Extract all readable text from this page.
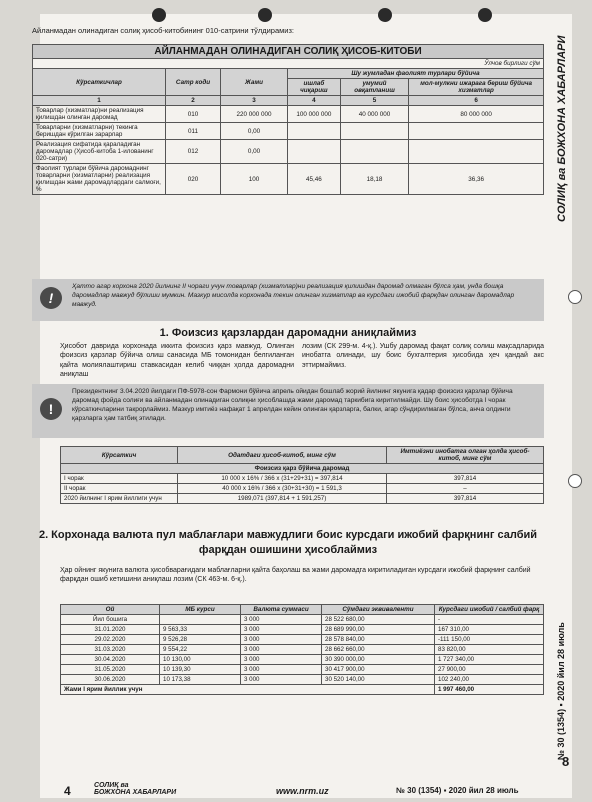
Айланмадан олинадиган солиқ ҳисоб-китобининг 010-сатрини тўлдирамиз:
АЙЛАНМАДАН ОЛИНАДИГАН СОЛИҚ ҲИСОБ-КИТОБИ					
Ўлчов бирлиги сўм					
Кўрсаткичлар	Сатр коди	Жами	Шу жумладан фаолият турлари бўйича		
			ишлаб чиқариш	умумий овқатланиш	мол-мулкни ижарага бериш бўйича хизматлар
1	2	3	4	5	6
Товарлар (хизматлар)ни реализация қилишдан олинган даромад	010	220 000 000	100 000 000	40 000 000	80 000 000
Товарларни (хизматларни) текинга беришдан кўрилган зарарлар	011	0,00			
Реализация сифатида қараладиган даромадлар (Ҳисоб-китоба 1-илованинг 020-сатри)	012	0,00			
Фаолият турлари бўйича даромаднинг товарларни (хизматларни) реализация қилишдан жами даромадлардаги салмоғи, %	020	100	45,46	18,18	36,36
!
Ҳатто агар корхона 2020 йилнинг II чораги учун товарлар (хизматлар)ни реализация қилишдан даромад олмаган бўлса ҳам, унда бошқа даромадлар мавжуд бўлиши мумкин. Мазкур мисолда корхонада текин олинган хизматлар ва курсдаги ижобий фарқдан олинган даромадлар мавжуд.
1. Фоизсиз қарзлардан даромадни аниқлаймиз
Ҳисобот даврида корхонада иккита фоизсиз қарз мавжуд. Олинган фоизсиз қарзлар бўйича олиш санасида МБ томонидан белгиланган қайта молиялаштириш ставкасидан келиб чиққан ҳолда даромадни аниқлаш
лозим (СК 299-м. 4-қ.). Ушбу даромад фақат солиқ солиш мақсадларида инобатга олинади, шу боис бухгалтерия ҳисобида ҳеч қандай акс эттирмаймиз.
!
Президентнинг 3.04.2020 йилдаги ПФ-5978-сон Фармони бўйича апрель ойидан бошлаб жорий йилнинг якунига қадар фоизсиз қарзлар бўйича даромад фойда солиғи ва айланмадан олинадиган солиқни ҳисоблашда жами даромад таркибига киритилмайди. Шу боис ҳисоботда I чорак кўрсаткичларини такрорлаймиз. Мазкур имтиёз нафақат 1 апрелдан кейин олинган қарзларга, балки, агар сўндирилмаган бўлса, анча олдинги қарзларга ҳам татбиқ этилади.
Кўрсаткич	Одатдаги ҳисоб-китоб, минг сўм	Имтиёзни инобатга олган ҳолда ҳисоб-китоб, минг сўм
Фоизсиз қарз бўйича даромад		
I чорак	10 000 x 16% / 366 x (31+29+31) = 397,814	397,814
II чорак	40 000 x 16% / 366 x (30+31+30) = 1 591,3	–
2020 йилнинг I ярим йиллиги учун	1989,071 (397,814 + 1 591,257)	397,814
2. Корхонада валюта пул маблағлари мавжудлиги боис курсдаги ижобий фарқнинг салбий фарқдан ошишини ҳисоблаймиз
Ҳар ойнинг якунига валюта ҳисобварағидаги маблағларни қайта баҳолаш ва жами даромадга киритиладиган курсдаги ижобий фарқнинг салбий фарқдан ошиб кетишини аниқлаш лозим (СК 463-м. 6-қ.).
Ой	МБ курси	Валюта суммаси	Сўмдаги эквиваленти	Курсдаги ижобий / салбий фарқ
Йил бошига		3 000	28 522 680,00	-
31.01.2020	9 563,33	3 000	28 689 990,00	167 310,00
29.02.2020	9 526,28	3 000	28 578 840,00	-111 150,00
31.03.2020	9 554,22	3 000	28 662 660,00	83 820,00
30.04.2020	10 130,00	3 000	30 390 000,00	1 727 340,00
31.05.2020	10 139,30	3 000	30 417 900,00	27 900,00
30.06.2020	10 173,38	3 000	30 520 140,00	102 240,00
Жами I ярим йиллик учун				1 997 460,00
4	СОЛИҚ ва
БОЖХОНА ХАБАРЛАРИ	www.nrm.uz	№ 30 (1354) ▪ 2020 йил 28 июль
СОЛИҚ ва БОЖХОНА ХАБАРЛАРИ
№ 30 (1354) ▪ 2020 йил 28 июль
8
